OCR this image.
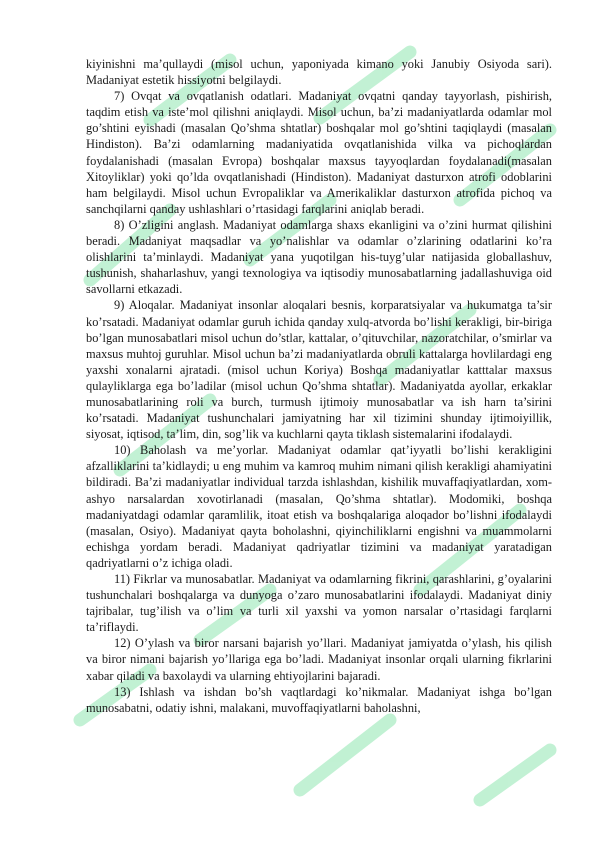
kiyinishni ma’qullaydi (misol uchun, yaponiyada kimano yoki Janubiy Osiyoda sari). Madaniyat estetik hissiyotni belgilaydi.

7) Ovqat va ovqatlanish odatlari. Madaniyat ovqatni qanday tayyorlash, pishirish, taqdim etish va iste’mol qilishni aniqlaydi. Misol uchun, ba’zi madaniyatlarda odamlar mol go’shtini eyishadi (masalan Qo’shma shtatlar) boshqalar mol go’shtini taqiqlaydi (masalan Hindiston). Ba’zi odamlarning madaniyatida ovqatlanishida vilka va pichoqlardan foydalanishadi (masalan Evropa) boshqalar maxsus tayyoqlardan foydalanadi(masalan Xitoyliklar) yoki qo’lda ovqatlanishadi (Hindiston). Madaniyat dasturxon atrofi odoblarini ham belgilaydi. Misol uchun Evropaliklar va Amerikaliklar dasturxon atrofida pichoq va sanchqilarni qanday ushlashlari o’rtasidagi farqlarini aniqlab beradi.

8) O’zligini anglash. Madaniyat odamlarga shaxs ekanligini va o’zini hurmat qilishini beradi. Madaniyat maqsadlar va yo’nalishlar va odamlar o’zlarining odatlarini ko’ra olishlarini ta’minlaydi. Madaniyat yana yuqotilgan his-tuyg’ular natijasida globallashuv, tushunish, shaharlashuv, yangi texnologiya va iqtisodiy munosabatlarning jadallashuviga oid savollarni etkazadi.

9) Aloqalar. Madaniyat insonlar aloqalari besnis, korparatsiyalar va hukumatga ta’sir ko’rsatadi. Madaniyat odamlar guruh ichida qanday xulq-atvorda bo’lishi kerakligi, bir-biriga bo’lgan munosabatlari misol uchun do’stlar, kattalar, o’qituvchilar, nazoratchilar, o’smirlar va maxsus muhtoj guruhlar. Misol uchun ba’zi madaniyatlarda obruli kattalarga hovlilardagi eng yaxshi xonalarni ajratadi. (misol uchun Koriya) Boshqa madaniyatlar katttalar maxsus qulayliklarga ega bo’ladilar (misol uchun Qo’shma shtatlar). Madaniyatda ayollar, erkaklar munosabatlarining roli va burch, turmush ijtimoiy munosabatlar va ish harn ta’sirini ko’rsatadi. Madaniyat tushunchalari jamiyatning har xil tizimini shunday ijtimoiyillik, siyosat, iqtisod, ta’lim, din, sog’lik va kuchlarni qayta tiklash sistemalarini ifodalaydi.

10) Baholash va me’yorlar. Madaniyat odamlar qat’iyyatli bo’lishi kerakligini afzalliklarini ta’kidlaydi; u eng muhim va kamroq muhim nimani qilish kerakligi ahamiyatini bildiradi. Ba’zi madaniyatlar individual tarzda ishlashdan, kishilik muvaffaqiyatlardan, xom-ashyo narsalardan xovotirlanadi (masalan, Qo’shma shtatlar). Modomiki, boshqa madaniyatdagi odamlar qaramlilik, itoat etish va boshqalariga aloqador bo’lishni ifodalaydi (masalan, Osiyo). Madaniyat qayta boholashni, qiyinchiliklarni engishni va muammolarni echishga yordam beradi. Madaniyat qadriyatlar tizimini va madaniyat yaratadigan qadriyatlarni o’z ichiga oladi.

11) Fikrlar va munosabatlar. Madaniyat va odamlarning fikrini, qarashlarini, g’oyalarini tushunchalari boshqalarga va dunyoga o’zaro munosabatlarini ifodalaydi. Madaniyat diniy tajribalar, tug’ilish va o’lim va turli xil yaxshi va yomon narsalar o’rtasidagi farqlarni ta’riflaydi.

12) O’ylash va biror narsani bajarish yo’llari. Madaniyat jamiyatda o’ylash, his qilish va biror nimani bajarish yo’llariga ega bo’ladi. Madaniyat insonlar orqali ularning fikrlarini xabar qiladi va baxolaydi va ularning ehtiyojlarini bajaradi.

13) Ishlash va ishdan bo’sh vaqtlardagi ko’nikmalar. Madaniyat ishga bo’lgan munosabatni, odatiy ishni, malakani, muvoffaqiyatlarni baholashni,
